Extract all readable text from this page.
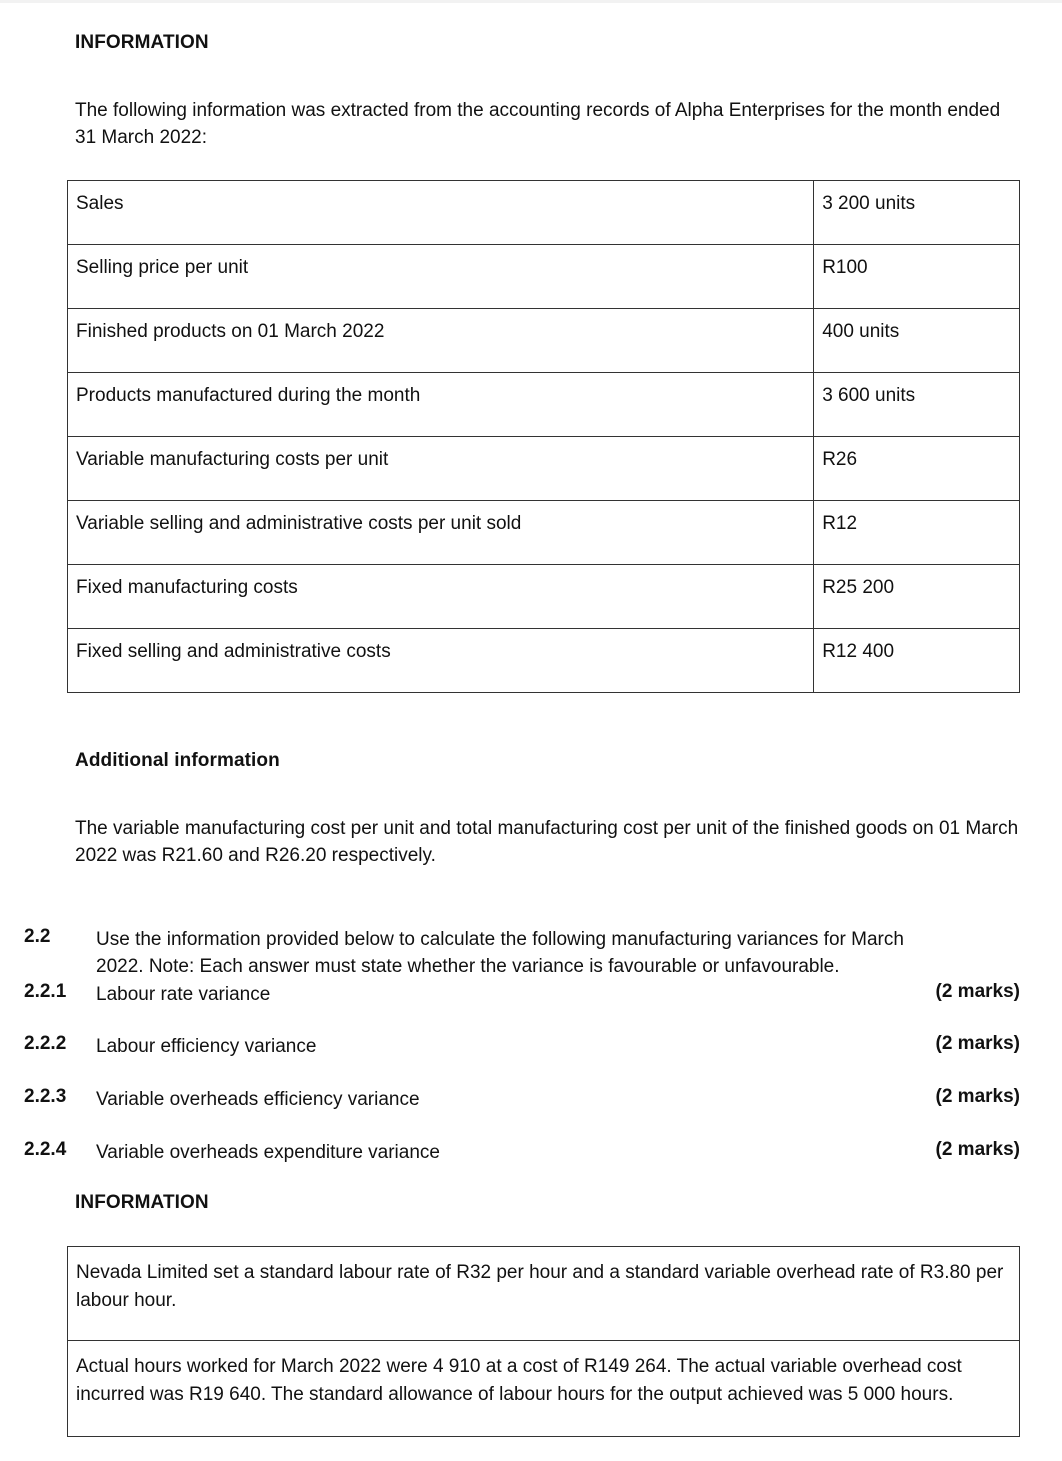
INFORMATION
The following information was extracted from the accounting records of Alpha Enterprises for the month ended 31 March 2022:
Sales	3 200 units
Selling price per unit	R100
Finished products on 01 March 2022	400 units
Products manufactured during the month	3 600 units
Variable manufacturing costs per unit	R26
Variable selling and administrative costs per unit sold	R12
Fixed manufacturing costs	R25 200
Fixed selling and administrative costs	R12 400
Additional information
The variable manufacturing cost per unit and total manufacturing cost per unit of the finished goods on 01 March 2022 was R21.60 and R26.20 respectively.
2.2 Use the information provided below to calculate the following manufacturing variances for March 2022. Note: Each answer must state whether the variance is favourable or unfavourable.
2.2.1 Labour rate variance	(2 marks)
2.2.2 Labour efficiency variance	(2 marks)
2.2.3 Variable overheads efficiency variance	(2 marks)
2.2.4 Variable overheads expenditure variance	(2 marks)
INFORMATION
Nevada Limited set a standard labour rate of R32 per hour and a standard variable overhead rate of R3.80 per labour hour.
Actual hours worked for March 2022 were 4 910 at a cost of R149 264. The actual variable overhead cost incurred was R19 640. The standard allowance of labour hours for the output achieved was 5 000 hours.
